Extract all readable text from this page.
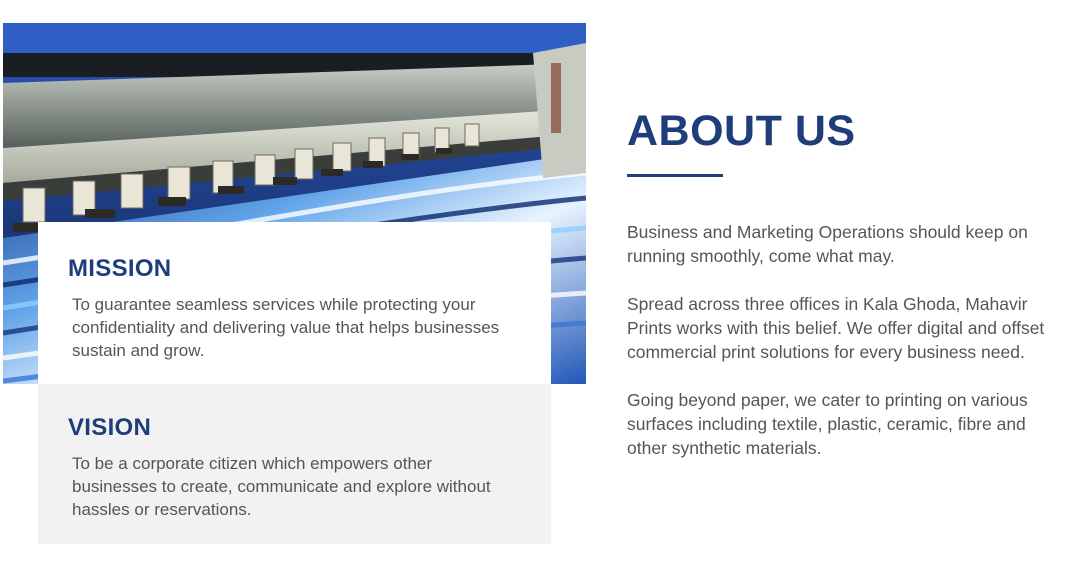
MISSION

To guarantee seamless services while protecting your confidentiality and delivering value that helps businesses sustain and grow.

VISION

To be a corporate citizen which empowers other businesses to create, communicate and explore without hassles or reservations.

ABOUT US

Business and Marketing Operations should keep on running smoothly, come what may.

Spread across three offices in Kala Ghoda, Mahavir Prints works with this belief. We offer digital and offset commercial print solutions for every business need.

Going beyond paper, we cater to printing on various surfaces including textile, plastic, ceramic, fibre and other synthetic materials.
